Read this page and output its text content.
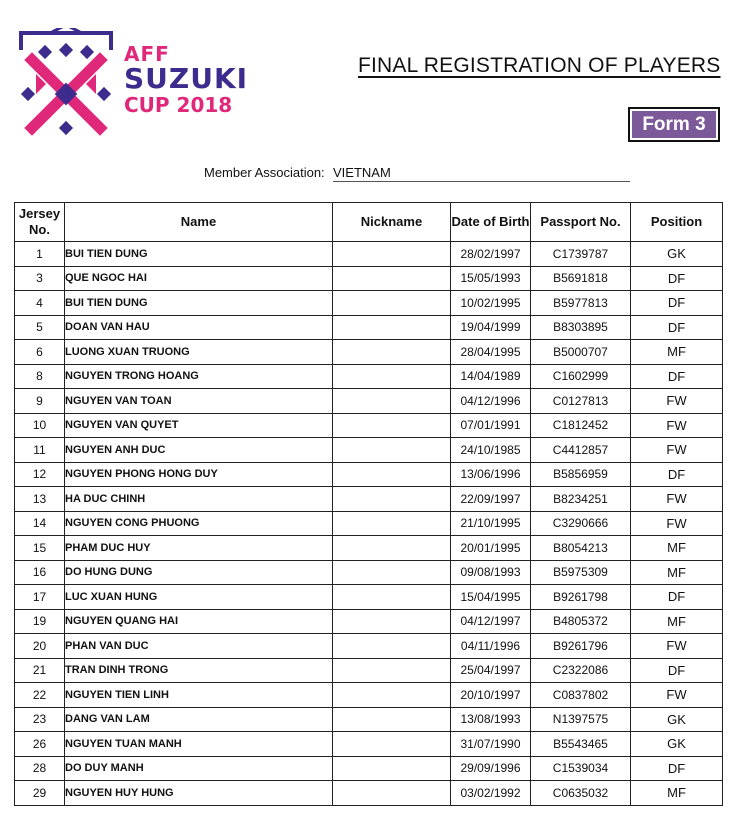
AFF
SUZUKI
CUP 2018
FINAL REGISTRATION OF PLAYERS
Form 3
Member Association: VIETNAM
Jersey No.	Name	Nickname	Date of Birth	Passport No.	Position
1	BUI TIEN DUNG		28/02/1997	C1739787	GK
3	QUE NGOC HAI		15/05/1993	B5691818	DF
4	BUI TIEN DUNG		10/02/1995	B5977813	DF
5	DOAN VAN HAU		19/04/1999	B8303895	DF
6	LUONG XUAN TRUONG		28/04/1995	B5000707	MF
8	NGUYEN TRONG HOANG		14/04/1989	C1602999	DF
9	NGUYEN VAN TOAN		04/12/1996	C0127813	FW
10	NGUYEN VAN QUYET		07/01/1991	C1812452	FW
11	NGUYEN ANH DUC		24/10/1985	C4412857	FW
12	NGUYEN PHONG HONG DUY		13/06/1996	B5856959	DF
13	HA DUC CHINH		22/09/1997	B8234251	FW
14	NGUYEN CONG PHUONG		21/10/1995	C3290666	FW
15	PHAM DUC HUY		20/01/1995	B8054213	MF
16	DO HUNG DUNG		09/08/1993	B5975309	MF
17	LUC XUAN HUNG		15/04/1995	B9261798	DF
19	NGUYEN QUANG HAI		04/12/1997	B4805372	MF
20	PHAN VAN DUC		04/11/1996	B9261796	FW
21	TRAN DINH TRONG		25/04/1997	C2322086	DF
22	NGUYEN TIEN LINH		20/10/1997	C0837802	FW
23	DANG VAN LAM		13/08/1993	N1397575	GK
26	NGUYEN TUAN MANH		31/07/1990	B5543465	GK
28	DO DUY MANH		29/09/1996	C1539034	DF
29	NGUYEN HUY HUNG		03/02/1992	C0635032	MF
